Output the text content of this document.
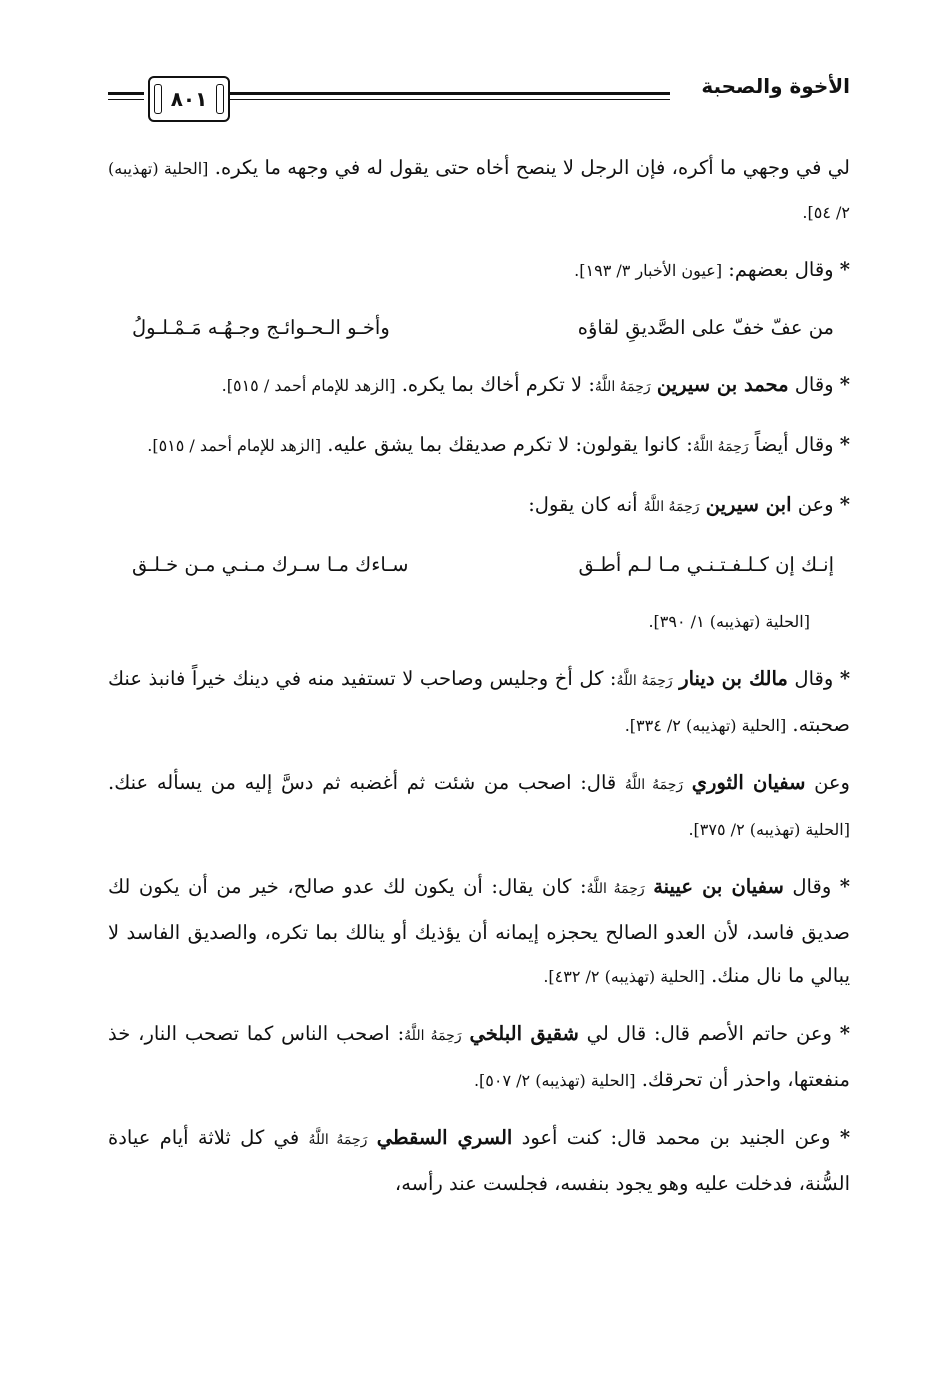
الأخوة والصحبة
٨٠١

لي في وجهي ما أكره، فإن الرجل لا ينصح أخاه حتى يقول له في وجهه ما يكره. [الحلية (تهذيبه) ٢/ ٥٤].

* وقال بعضهم: [عيون الأخبار ٣/ ١٩٣].

من عفّ خفّ على الصَّديقِ لقاؤه
وأخـو الـحـوائـج وجـهُـه مَـمْـلـولُ

* وقال محمد بن سيرين رَحِمَهُ اللَّهُ: لا تكرم أخاك بما يكره. [الزهد للإمام أحمد / ٥١٥].

* وقال أيضاً رَحِمَهُ اللَّهُ: كانوا يقولون: لا تكرم صديقك بما يشق عليه. [الزهد للإمام أحمد / ٥١٥].

* وعن ابن سيرين رَحِمَهُ اللَّهُ أنه كان يقول:

إنـك إن كـلـفـتـنـي مـا لـم أطـق
سـاءك مـا سـرك مـنـي مـن خـلـق
[الحلية (تهذيبه) ١/ ٣٩٠].

* وقال مالك بن دينار رَحِمَهُ اللَّهُ: كل أخ وجليس وصاحب لا تستفيد منه في دينك خيراً فانبذ عنك صحبته. [الحلية (تهذيبه) ٢/ ٣٣٤].

وعن سفيان الثوري رَحِمَهُ اللَّهُ قال: اصحب من شئت ثم أغضبه ثم دسَّ إليه من يسأله عنك. [الحلية (تهذيبه) ٢/ ٣٧٥].

* وقال سفيان بن عيينة رَحِمَهُ اللَّهُ: كان يقال: أن يكون لك عدو صالح، خير من أن يكون لك صديق فاسد، لأن العدو الصالح يحجزه إيمانه أن يؤذيك أو ينالك بما تكره، والصديق الفاسد لا يبالي ما نال منك. [الحلية (تهذيبه) ٢/ ٤٣٢].

* وعن حاتم الأصم قال: قال لي شقيق البلخي رَحِمَهُ اللَّهُ: اصحب الناس كما تصحب النار، خذ منفعتها، واحذر أن تحرقك. [الحلية (تهذيبه) ٢/ ٥٠٧].

* وعن الجنيد بن محمد قال: كنت أعود السري السقطي رَحِمَهُ اللَّهُ في كل ثلاثة أيام عيادة السُّنة، فدخلت عليه وهو يجود بنفسه، فجلست عند رأسه،
